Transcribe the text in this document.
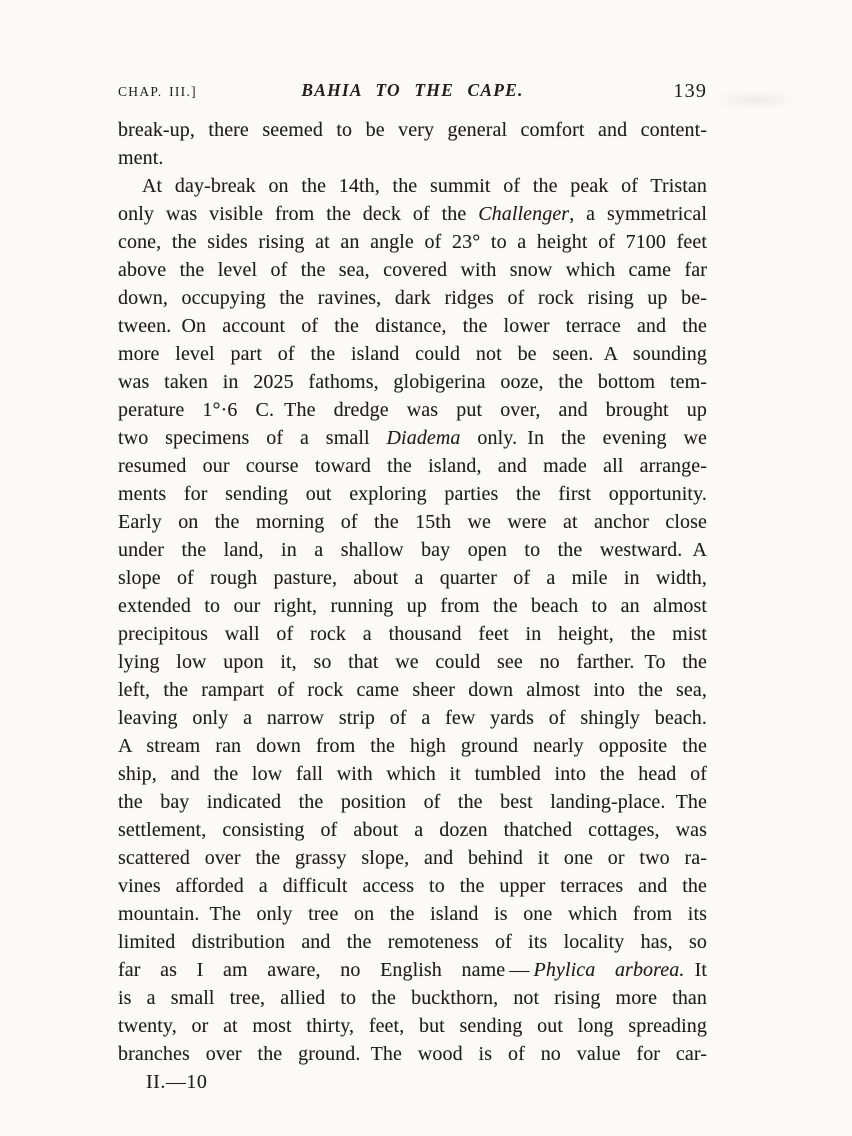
CHAP. III.]	BAHIA TO THE CAPE.	139
break-up, there seemed to be very general comfort and content-
ment.
At day-break on the 14th, the summit of the peak of Tristan
only was visible from the deck of the Challenger, a symmetrical
cone, the sides rising at an angle of 23° to a height of 7100 feet
above the level of the sea, covered with snow which came far
down, occupying the ravines, dark ridges of rock rising up be-
tween. On account of the distance, the lower terrace and the
more level part of the island could not be seen. A sounding
was taken in 2025 fathoms, globigerina ooze, the bottom tem-
perature 1°·6 C. The dredge was put over, and brought up
two specimens of a small Diadema only. In the evening we
resumed our course toward the island, and made all arrange-
ments for sending out exploring parties the first opportunity.
Early on the morning of the 15th we were at anchor close
under the land, in a shallow bay open to the westward. A
slope of rough pasture, about a quarter of a mile in width,
extended to our right, running up from the beach to an almost
precipitous wall of rock a thousand feet in height, the mist
lying low upon it, so that we could see no farther. To the
left, the rampart of rock came sheer down almost into the sea,
leaving only a narrow strip of a few yards of shingly beach.
A stream ran down from the high ground nearly opposite the
ship, and the low fall with which it tumbled into the head of
the bay indicated the position of the best landing-place. The
settlement, consisting of about a dozen thatched cottages, was
scattered over the grassy slope, and behind it one or two ra-
vines afforded a difficult access to the upper terraces and the
mountain. The only tree on the island is one which from its
limited distribution and the remoteness of its locality has, so
far as I am aware, no English name — Phylica arborea. It
is a small tree, allied to the buckthorn, not rising more than
twenty, or at most thirty, feet, but sending out long spreading
branches over the ground. The wood is of no value for car-
II.—10
